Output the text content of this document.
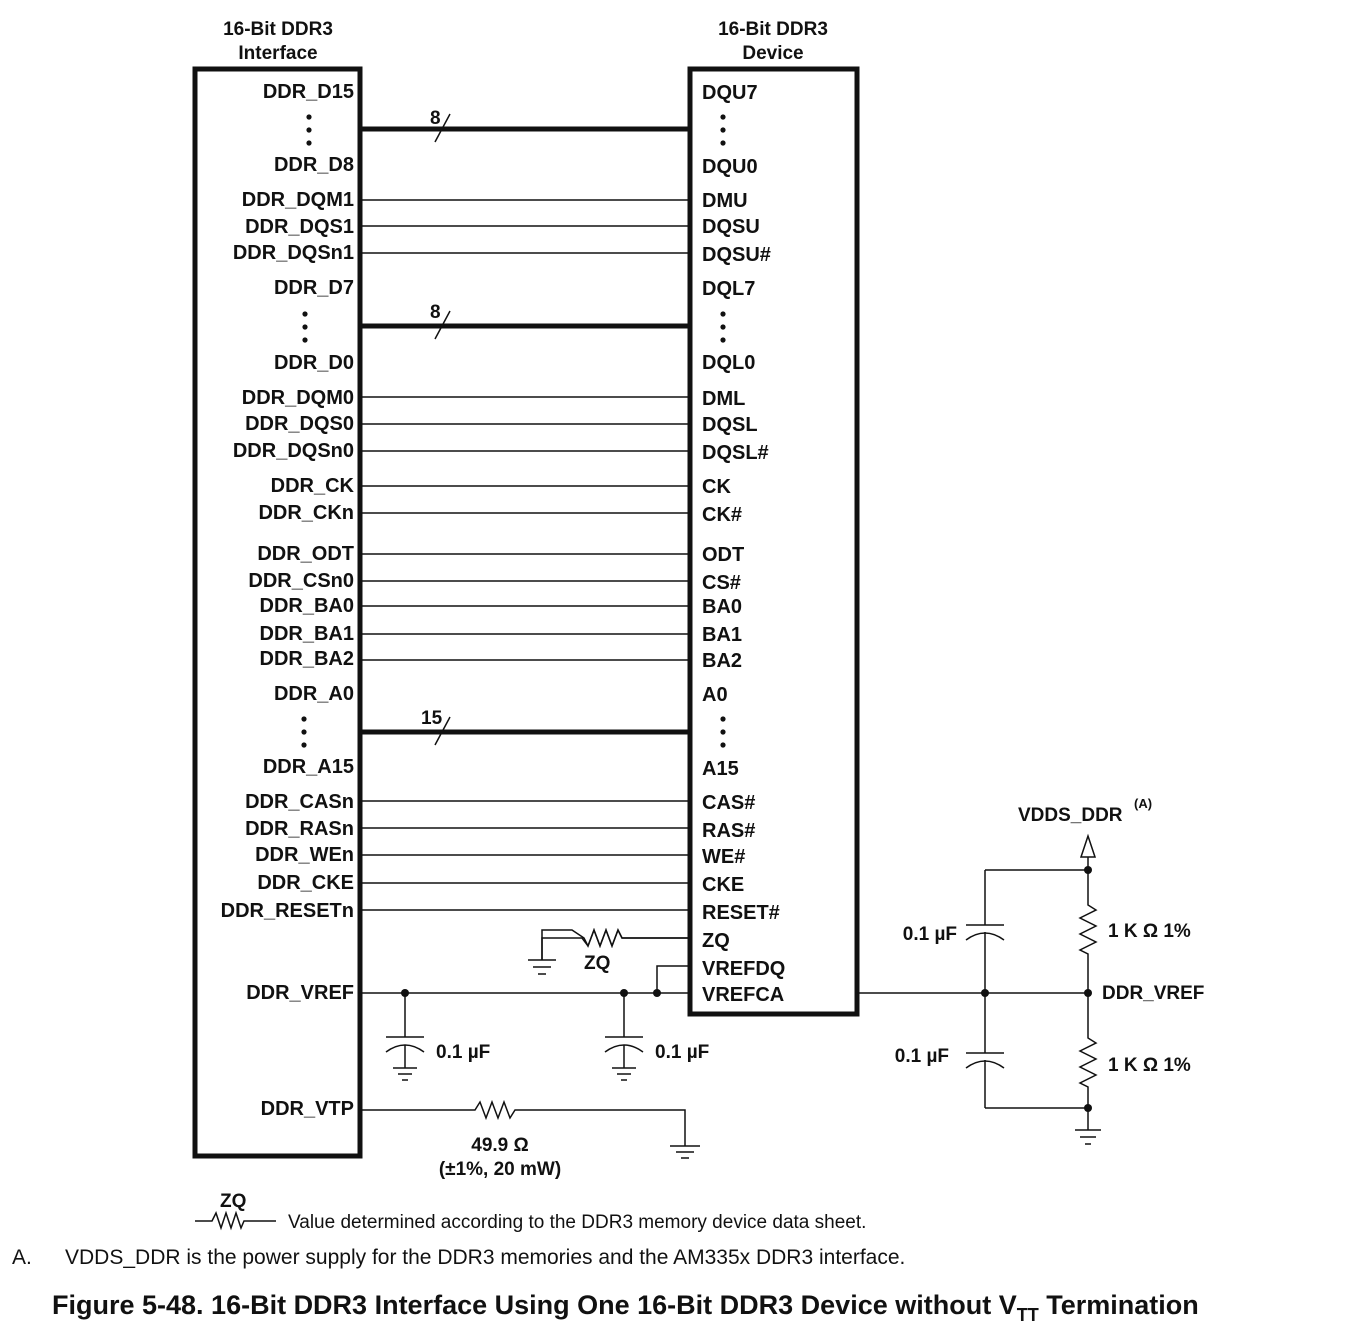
16-Bit DDR3
Interface
16-Bit DDR3
Device
DDR_D15
DDR_D8
DDR_DQM1
DDR_DQS1
DDR_DQSn1
DDR_D7
DDR_D0
DDR_DQM0
DDR_DQS0
DDR_DQSn0
DDR_CK
DDR_CKn
DDR_ODT
DDR_CSn0
DDR_BA0
DDR_BA1
DDR_BA2
DDR_A0
DDR_A15
DDR_CASn
DDR_RASn
DDR_WEn
DDR_CKE
DDR_RESETn
DDR_VREF
DDR_VTP
DQU7
DQU0
DMU
DQSU
DQSU#
DQL7
DQL0
DML
DQSL
DQSL#
CK
CK#
ODT
CS#
BA0
BA1
BA2
A0
A15
CAS#
RAS#
WE#
CKE
RESET#
ZQ
VREFDQ
VREFCA
8
8
15
ZQ
0.1 µF	0.1 µF
49.9 Ω
(±1%, 20 mW)
VDDS_DDR
(A)
0.1 µF
0.1 µF
1 K Ω 1%
DDR_VREF
1 K Ω 1%
ZQ
Value determined according to the DDR3 memory device data sheet.
A. VDDS_DDR is the power supply for the DDR3 memories and the AM335x DDR3 interface.
Figure 5-48. 16-Bit DDR3 Interface Using One 16-Bit DDR3 Device without $V_{TT}$ Termination
